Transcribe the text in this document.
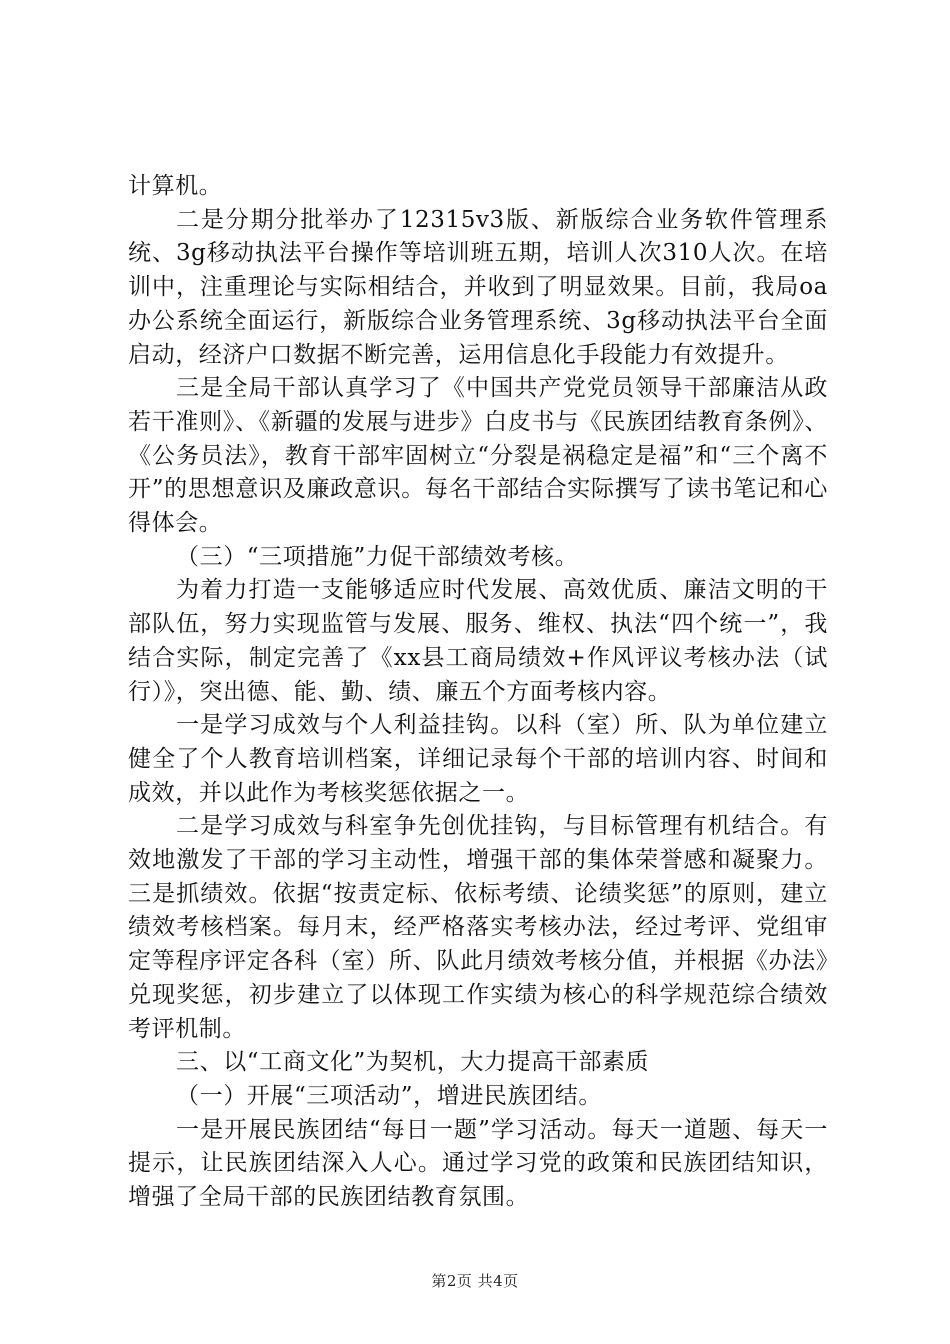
计算机。

二是分期分批举办了12315v3版、新版综合业务软件管理系统、3g移动执法平台操作等培训班五期，培训人次310人次。在培训中，注重理论与实际相结合，并收到了明显效果。目前，我局oa办公系统全面运行，新版综合业务管理系统、3g移动执法平台全面启动，经济户口数据不断完善，运用信息化手段能力有效提升。

三是全局干部认真学习了《中国共产党党员领导干部廉洁从政若干准则》、《新疆的发展与进步》白皮书与《民族团结教育条例》、《公务员法》，教育干部牢固树立“分裂是祸稳定是福”和“三个离不开”的思想意识及廉政意识。每名干部结合实际撰写了读书笔记和心得体会。

（三）“三项措施”力促干部绩效考核。

为着力打造一支能够适应时代发展、高效优质、廉洁文明的干部队伍，努力实现监管与发展、服务、维权、执法“四个统一”，我结合实际，制定完善了《xx县工商局绩效+作风评议考核办法（试行）》，突出德、能、勤、绩、廉五个方面考核内容。

一是学习成效与个人利益挂钩。以科（室）所、队为单位建立健全了个人教育培训档案，详细记录每个干部的培训内容、时间和成效，并以此作为考核奖惩依据之一。

二是学习成效与科室争先创优挂钩，与目标管理有机结合。有效地激发了干部的学习主动性，增强干部的集体荣誉感和凝聚力。三是抓绩效。依据“按责定标、依标考绩、论绩奖惩”的原则，建立绩效考核档案。每月末，经严格落实考核办法，经过考评、党组审定等程序评定各科（室）所、队此月绩效考核分值，并根据《办法》兑现奖惩，初步建立了以体现工作实绩为核心的科学规范综合绩效考评机制。

三、以“工商文化”为契机，大力提高干部素质

（一）开展“三项活动”，增进民族团结。

一是开展民族团结“每日一题”学习活动。每天一道题、每天一提示，让民族团结深入人心。通过学习党的政策和民族团结知识，增强了全局干部的民族团结教育氛围。

第2页 共4页
